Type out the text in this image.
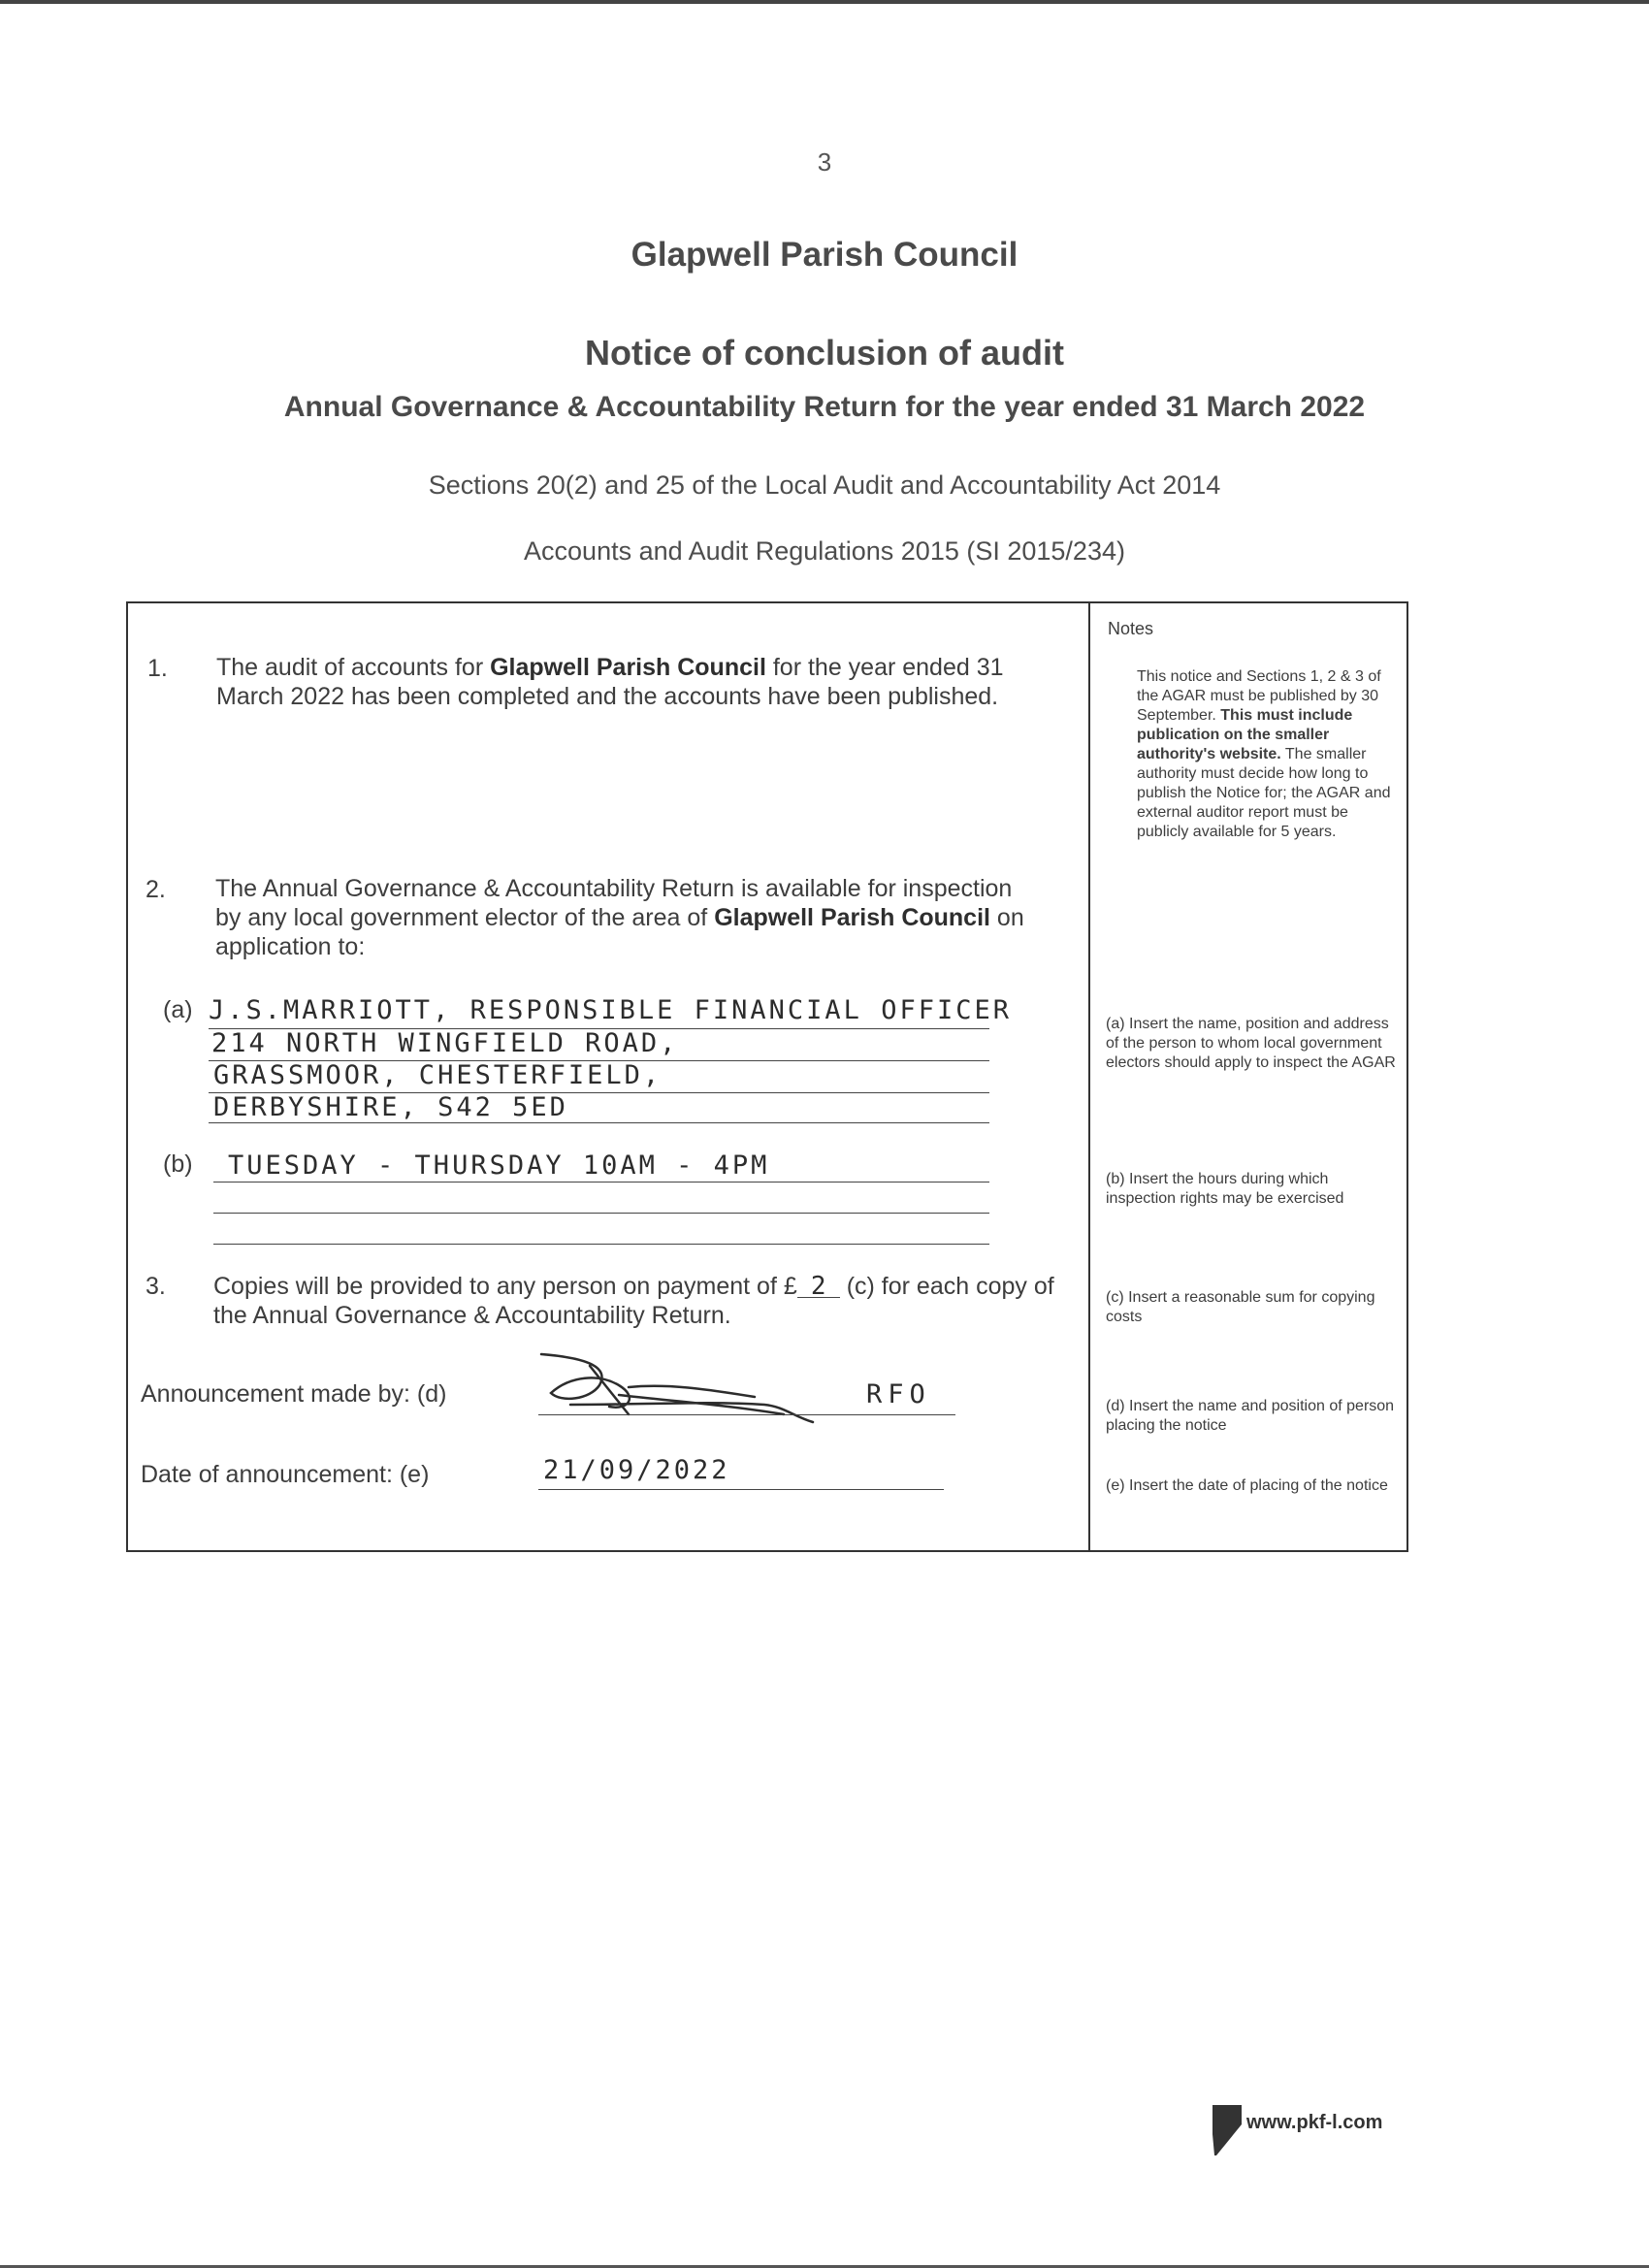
3
Glapwell Parish Council
Notice of conclusion of audit
Annual Governance & Accountability Return for the year ended 31 March 2022
Sections 20(2) and 25 of the Local Audit and Accountability Act 2014
Accounts and Audit Regulations 2015 (SI 2015/234)
1. The audit of accounts for Glapwell Parish Council for the year ended 31 March 2022 has been completed and the accounts have been published.
2. The Annual Governance & Accountability Return is available for inspection by any local government elector of the area of Glapwell Parish Council on application to:
(a) J.S.MARRIOTT, RESPONSIBLE FINANCIAL OFFICER
214 NORTH WINGFIELD ROAD,
GRASSMOOR, CHESTERFIELD,
DERBYSHIRE, S42 5ED
(b) TUESDAY - THURSDAY 10AM - 4PM
3. Copies will be provided to any person on payment of £ 2 (c) for each copy of the Annual Governance & Accountability Return.
Announcement made by: (d)	RFO
Date of announcement: (e)	21/09/2022
Notes
This notice and Sections 1, 2 & 3 of the AGAR must be published by 30 September. This must include publication on the smaller authority's website. The smaller authority must decide how long to publish the Notice for; the AGAR and external auditor report must be publicly available for 5 years.
(a) Insert the name, position and address of the person to whom local government electors should apply to inspect the AGAR
(b) Insert the hours during which inspection rights may be exercised
(c) Insert a reasonable sum for copying costs
(d) Insert the name and position of person placing the notice
(e) Insert the date of placing of the notice
www.pkf-l.com
